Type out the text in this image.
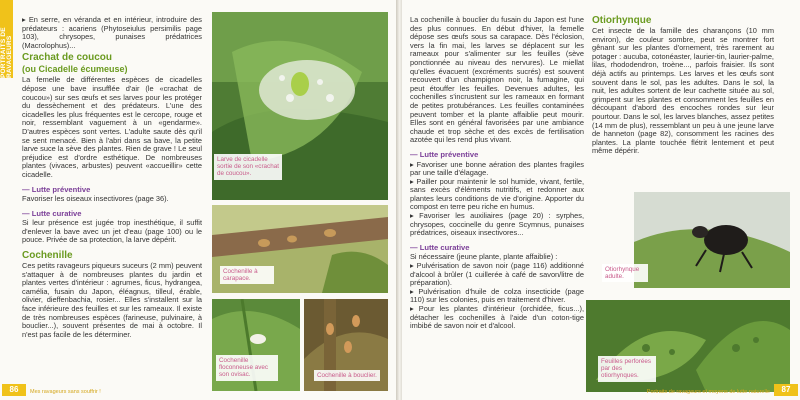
PORTRAITS DE RAVAGEURS

▸ En serre, en véranda et en intérieur, introduire des prédateurs : acariens (Phytoseiulus persimilis page 103), chrysopes, punaises prédatrices (Macrolophus)...

Crachat de coucou
(ou Cicadelle écumeuse)

La femelle de différentes espèces de cicadelles dépose une bave insufflée d'air (le «crachat de coucou») sur ses œufs et ses larves pour les protéger du dessèchement et des prédateurs. L'une des cicadelles les plus fréquentes est le cercope, rouge et noir, ressemblant vaguement à un «gendarme». D'autres espèces sont vertes. L'adulte saute dès qu'il se sent menacé. Bien à l'abri dans sa bave, la petite larve suce la sève des plantes. Rien de grave ! Le seul préjudice est d'ordre esthétique. De nombreuses plantes (vivaces, arbustes) peuvent «accueillir» cette cicadelle.

— Lutte préventive

Favoriser les oiseaux insectivores (page 36).

— Lutte curative

Si leur présence est jugée trop inesthétique, il suffit d'enlever la bave avec un jet d'eau (page 100) ou le pouce. Privée de sa protection, la larve dépérit.

Cochenille

Ces petits ravageurs piqueurs suceurs (2 mm) peuvent s'attaquer à de nombreuses plantes du jardin et plantes vertes d'intérieur : agrumes, ficus, hydrangea, camélia, fusain du Japon, éléagnus, tilleul, érable, olivier, dieffenbachia, rosier... Elles s'installent sur la face inférieure des feuilles et sur les rameaux. Il existe de très nombreuses espèces (farineuse, pulvinaire, à bouclier...), souvent présentes de mai à octobre. Il n'est pas facile de les déterminer.

Larve de cicadelle sortie de son «crachat de coucou».
Cochenille à carapace.
Cochenille floconneuse avec son ovisac.	Cochenille à bouclier.
86	Mes ravageurs sans souffrir !

La cochenille à bouclier du fusain du Japon est l'une des plus connues. En début d'hiver, la femelle dépose ses œufs sous sa carapace. Dès l'éclosion, vers la fin mai, les larves se déplacent sur les rameaux pour s'alimenter sur les feuilles (sève ponctionnée au niveau des nervures). Le miellat qu'elles évacuent (excréments sucrés) est souvent recouvert d'un champignon noir, la fumagine, qui peut étouffer les feuilles. Devenues adultes, les cochenilles s'incrustent sur les rameaux en formant de petites protubérances. Les feuilles contaminées peuvent tomber et la plante affaiblie peut mourir. Elles sont en général favorisées par une ambiance chaude et trop sèche et des excès de fertilisation azotée qui les rend plus vivant.

— Lutte préventive

▸ Favoriser une bonne aération des plantes fragiles par une taille d'élagage.

▸ Pailler pour maintenir le sol humide, vivant, fertile, sans excès d'éléments nutritifs, et redonner aux plantes leurs conditions de vie d'origine. Apporter du compost en terre peu riche en humus.

▸ Favoriser les auxiliaires (page 20) : syrphes, chrysopes, coccinelle du genre Scymnus, punaises prédatrices, oiseaux insectivores...

— Lutte curative

Si nécessaire (jeune plante, plante affaiblie) :

▸ Pulvérisation de savon noir (page 116) additionné d'alcool à brûler (1 cuillerée à café de savon/litre de préparation).

▸ Pulvérisation d'huile de colza insecticide (page 110) sur les colonies, puis en traitement d'hiver.

▸ Pour les plantes d'intérieur (orchidée, ficus...), détacher les cochenilles à l'aide d'un coton-tige imbibé de savon noir et d'alcool.

Otiorhynque

Cet insecte de la famille des charançons (10 mm environ), de couleur sombre, peut se montrer fort gênant sur les plantes d'ornement, très rarement au potager : aucuba, cotonéaster, laurier-tin, laurier-palme, lilas, rhododendron, troène..., parfois fraisier. Ils sont déjà actifs au printemps. Les larves et les œufs sont souvent dans le sol, pas les adultes. Dans le sol, la nuit, les adultes sortent de leur cachette située au sol, grimpent sur les plantes et consomment les feuilles en découpant d'abord des encoches rondes sur leur pourtour. Dans le sol, les larves blanches, assez petites (14 mm de plus), ressemblant un peu à une jeune larve de hanneton (page 82), consomment les racines des plantes. La plante touchée flétrit lentement et peut même dépérir.

Otiorhynque adulte.
Feuilles perforées par des otiorhynques.
Portraits de ravageurs et moyens de lutte naturelle	87
